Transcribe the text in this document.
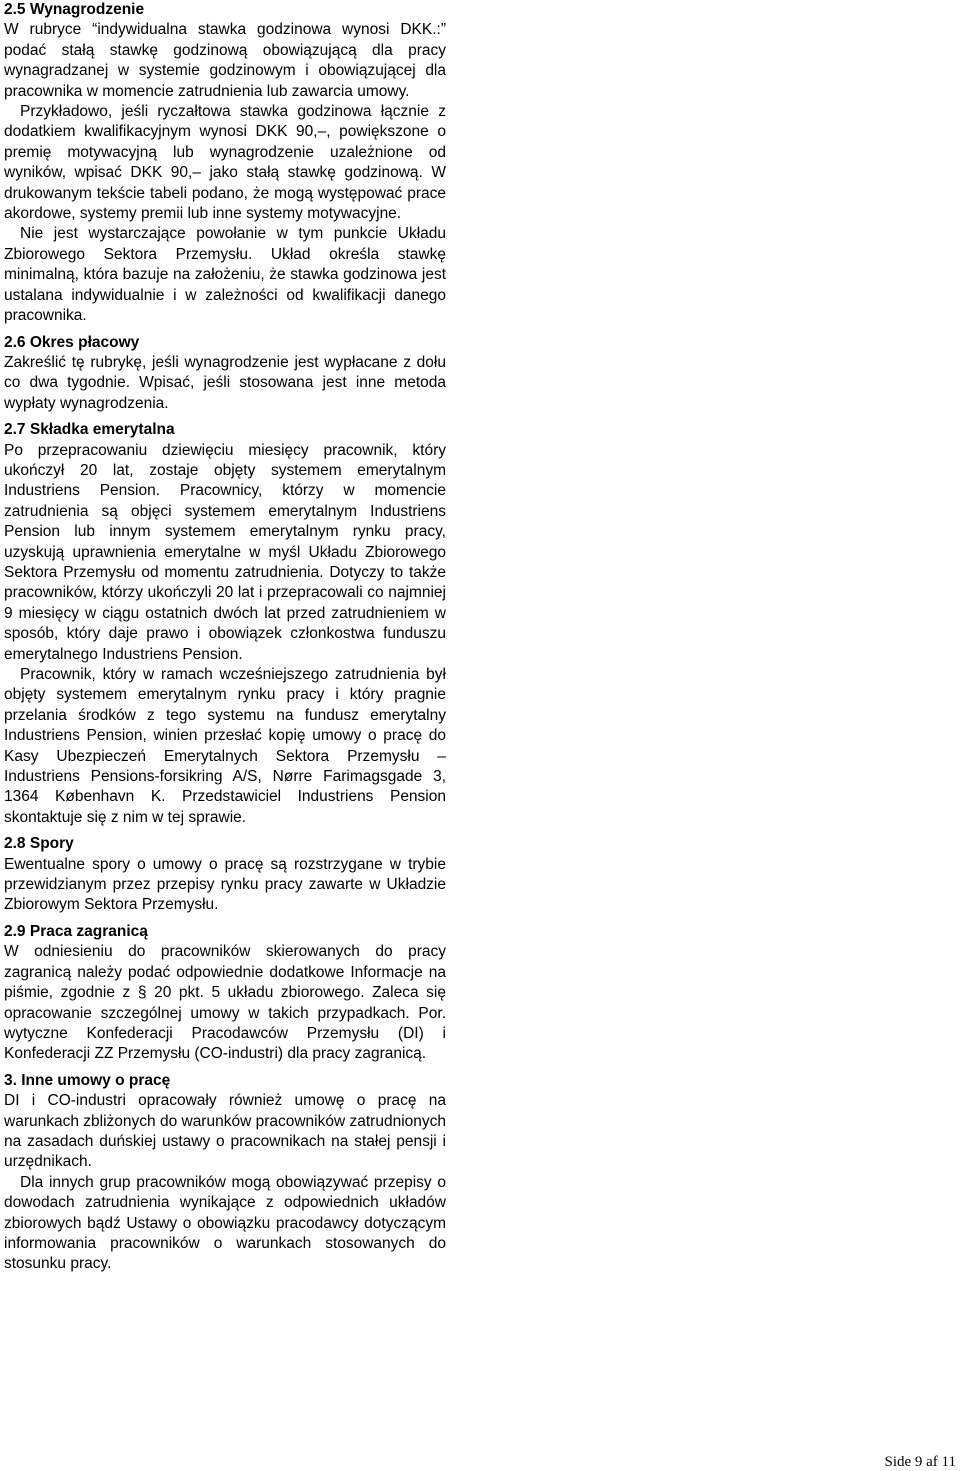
2.5 Wynagrodzenie

W rubryce “indywidualna stawka godzinowa wynosi DKK.:” podać stałą stawkę godzinową obowiązującą dla pracy wynagradzanej w systemie godzinowym i obowiązującej dla pracownika w momencie zatrudnienia lub zawarcia umowy.

Przykładowo, jeśli ryczałtowa stawka godzinowa łącznie z dodatkiem kwalifikacyjnym wynosi DKK 90,–, powiększone o premię motywacyjną lub wynagrodzenie uzależnione od wyników, wpisać DKK 90,– jako stałą stawkę godzinową. W drukowanym tekście tabeli podano, że mogą występować prace akordowe, systemy premii lub inne systemy motywacyjne.

Nie jest wystarczające powołanie w tym punkcie Układu Zbiorowego Sektora Przemysłu. Układ określa stawkę minimalną, która bazuje na założeniu, że stawka godzinowa jest ustalana indywidualnie i w zależności od kwalifikacji danego pracownika.

2.6 Okres płacowy

Zakreślić tę rubrykę, jeśli wynagrodzenie jest wypłacane z dołu co dwa tygodnie. Wpisać, jeśli stosowana jest inne metoda wypłaty wynagrodzenia.

2.7 Składka emerytalna

Po przepracowaniu dziewięciu miesięcy pracownik, który ukończył 20 lat, zostaje objęty systemem emerytalnym Industriens Pension. Pracownicy, którzy w momencie zatrudnienia są objęci systemem emerytalnym Industriens Pension lub innym systemem emerytalnym rynku pracy, uzyskują uprawnienia emerytalne w myśl Układu Zbiorowego Sektora Przemysłu od momentu zatrudnienia. Dotyczy to także pracowników, którzy ukończyli 20 lat i przepracowali co najmniej 9 miesięcy w ciągu ostatnich dwóch lat przed zatrudnieniem w sposób, który daje prawo i obowiązek członkostwa funduszu emerytalnego Industriens Pension.

Pracownik, który w ramach wcześniejszego zatrudnienia był objęty systemem emerytalnym rynku pracy i który pragnie przelania środków z tego systemu na fundusz emerytalny Industriens Pension, winien przesłać kopię umowy o pracę do Kasy Ubezpieczeń Emerytalnych Sektora Przemysłu – Industriens Pensions-forsikring A/S, Nørre Farimagsgade 3, 1364 København K. Przedstawiciel Industriens Pension skontaktuje się z nim w tej sprawie.

2.8 Spory

Ewentualne spory o umowy o pracę są rozstrzygane w trybie przewidzianym przez przepisy rynku pracy zawarte w Układzie Zbiorowym Sektora Przemysłu.

2.9 Praca zagranicą

W odniesieniu do pracowników skierowanych do pracy zagranicą należy podać odpowiednie dodatkowe Informacje na piśmie, zgodnie z § 20 pkt. 5 układu zbiorowego. Zaleca się opracowanie szczególnej umowy w takich przypadkach. Por. wytyczne Konfederacji Pracodawców Przemysłu (DI) i Konfederacji ZZ Przemysłu (CO-industri) dla pracy zagranicą.

3. Inne umowy o pracę

DI i CO-industri opracowały również umowę o pracę na warunkach zbliżonych do warunków pracowników zatrudnionych na zasadach duńskiej ustawy o pracownikach na stałej pensji i urzędnikach.

Dla innych grup pracowników mogą obowiązywać przepisy o dowodach zatrudnienia wynikające z odpowiednich układów zbiorowych bądź Ustawy o obowiązku pracodawcy dotyczącym informowania pracowników o warunkach stosowanych do stosunku pracy.

Side 9 af 11
